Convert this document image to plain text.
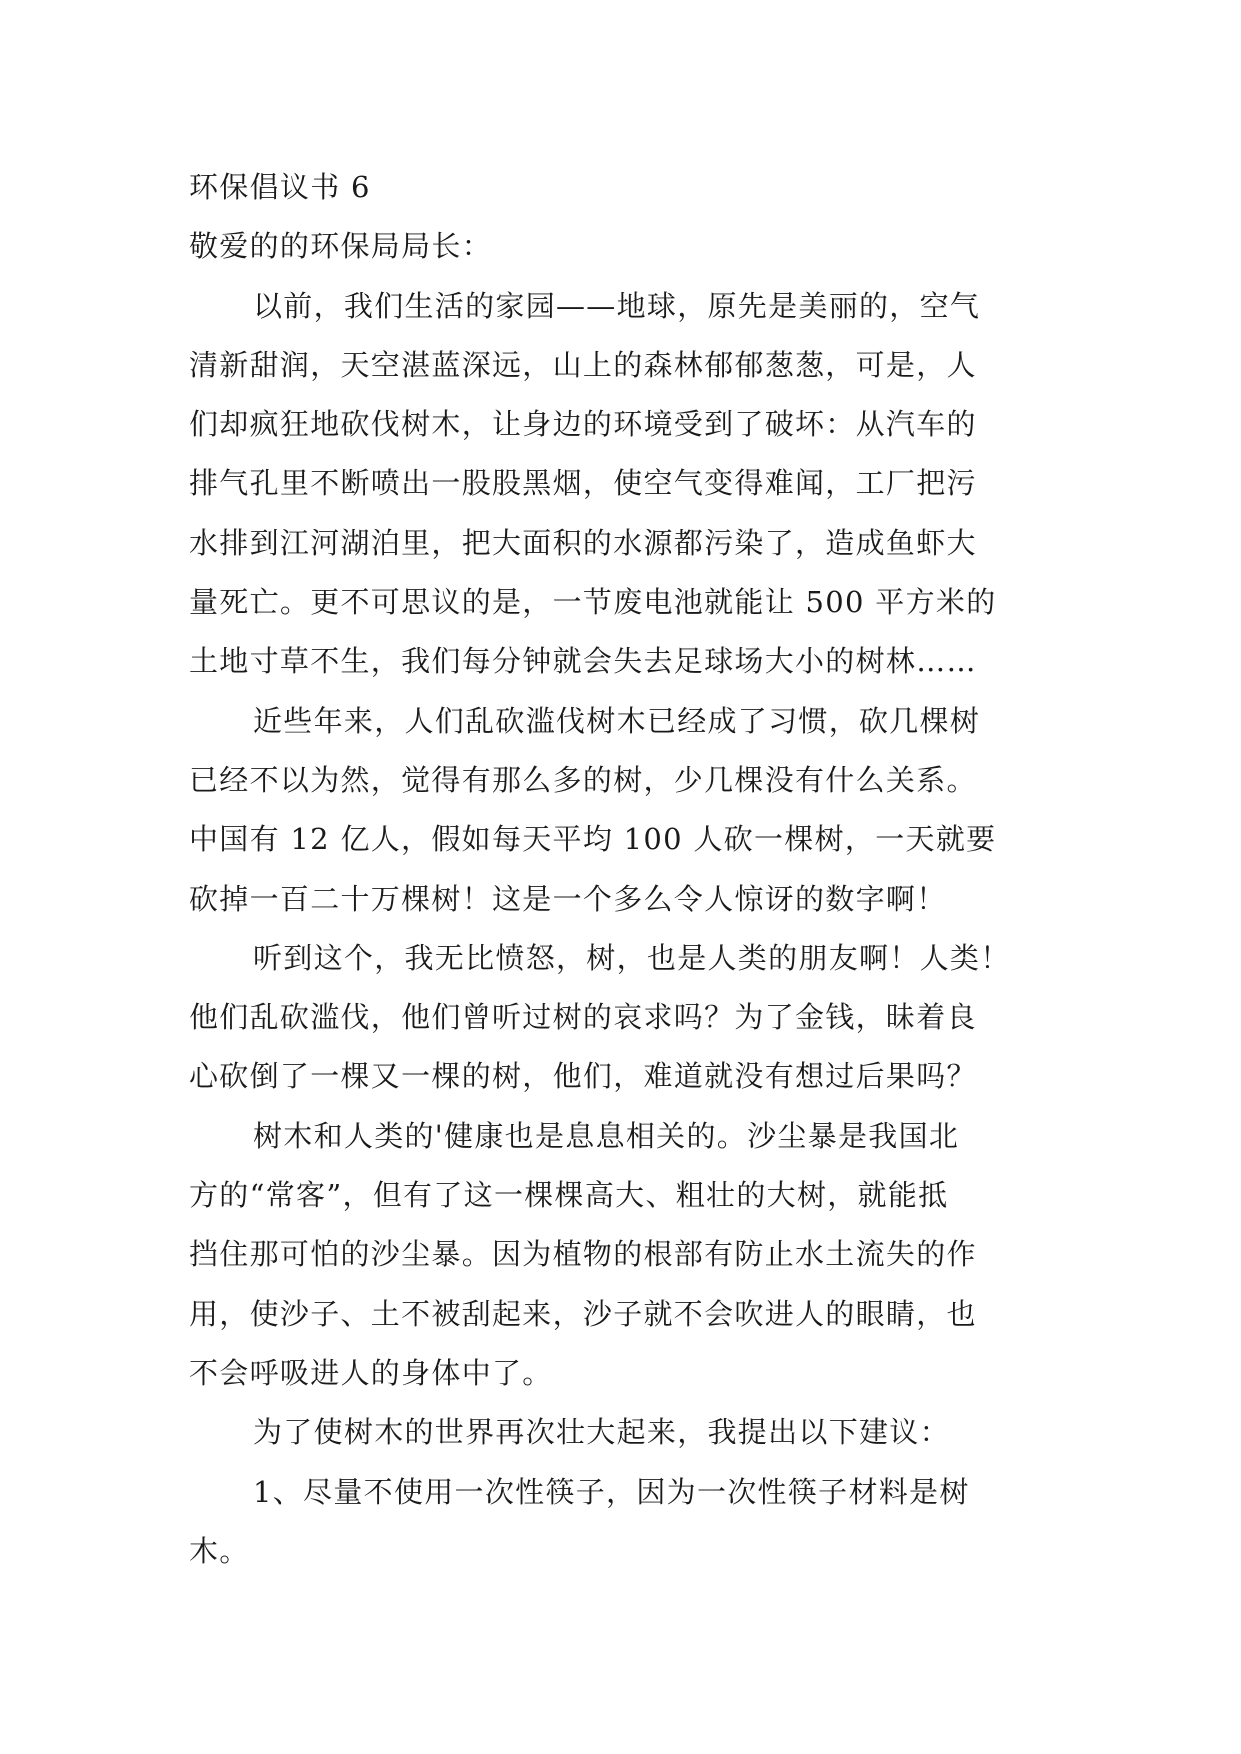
环保倡议书 6
敬爱的的环保局局长：
以前，我们生活的家园——地球，原先是美丽的，空气
清新甜润，天空湛蓝深远，山上的森林郁郁葱葱，可是，人
们却疯狂地砍伐树木，让身边的环境受到了破坏：从汽车的
排气孔里不断喷出一股股黑烟，使空气变得难闻，工厂把污
水排到江河湖泊里，把大面积的水源都污染了，造成鱼虾大
量死亡。更不可思议的是，一节废电池就能让 500 平方米的
土地寸草不生，我们每分钟就会失去足球场大小的树林……
近些年来，人们乱砍滥伐树木已经成了习惯，砍几棵树
已经不以为然，觉得有那么多的树，少几棵没有什么关系。
中国有 12 亿人，假如每天平均 100 人砍一棵树，一天就要
砍掉一百二十万棵树！这是一个多么令人惊讶的数字啊！
听到这个，我无比愤怒，树，也是人类的朋友啊！人类！
他们乱砍滥伐，他们曾听过树的哀求吗？为了金钱，昧着良
心砍倒了一棵又一棵的树，他们，难道就没有想过后果吗？
树木和人类的'健康也是息息相关的。沙尘暴是我国北
方的“常客”，但有了这一棵棵高大、粗壮的大树，就能抵
挡住那可怕的沙尘暴。因为植物的根部有防止水土流失的作
用，使沙子、土不被刮起来，沙子就不会吹进人的眼睛，也
不会呼吸进人的身体中了。
为了使树木的世界再次壮大起来，我提出以下建议：
1、尽量不使用一次性筷子，因为一次性筷子材料是树
木。
